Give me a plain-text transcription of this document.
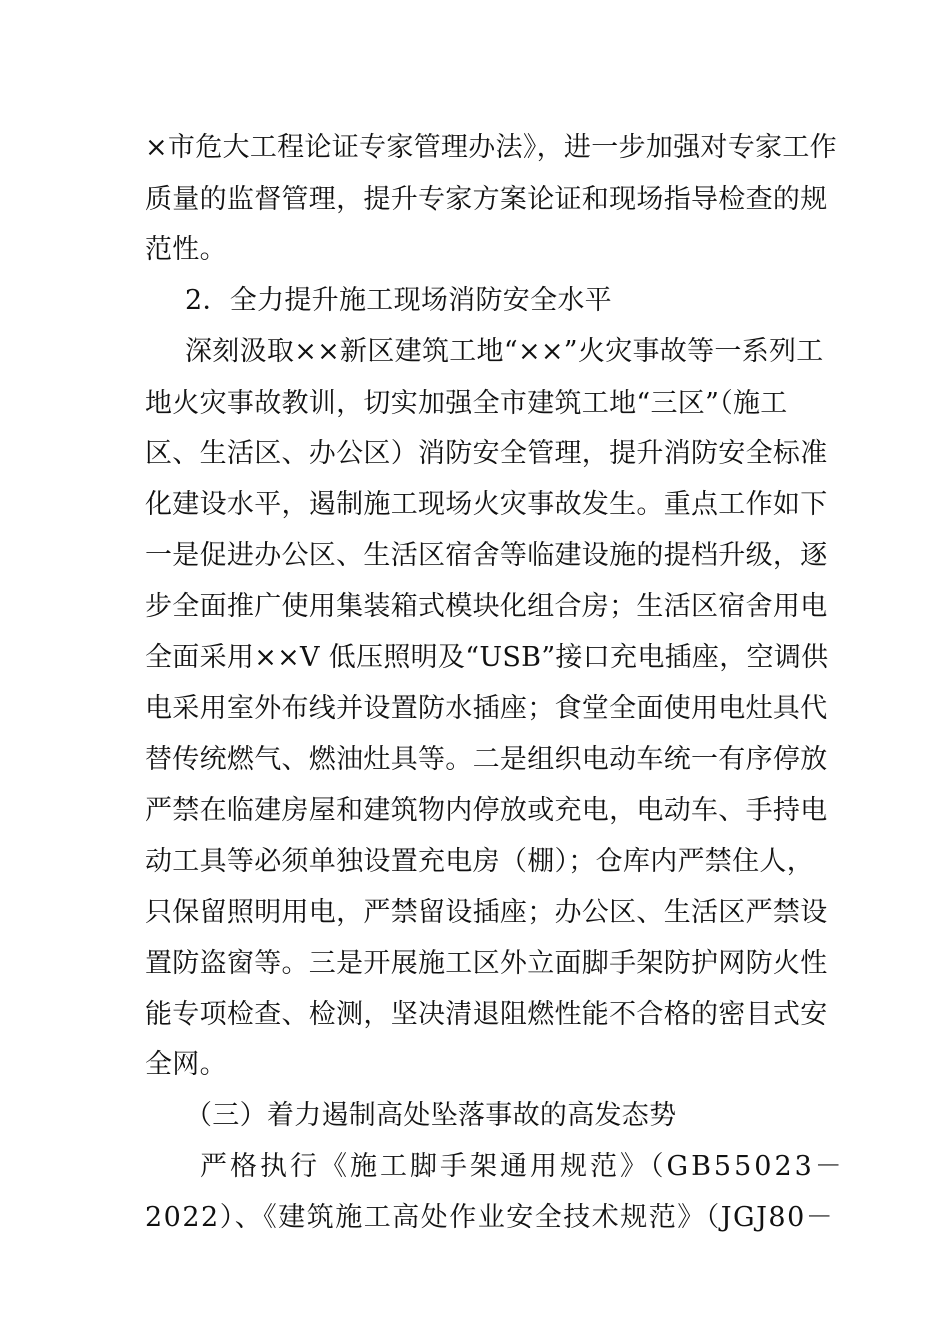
×市危大工程论证专家管理办法》，进一步加强对专家工作
质量的监督管理，提升专家方案论证和现场指导检查的规
范性。
2．全力提升施工现场消防安全水平
深刻汲取××新区建筑工地“××”火灾事故等一系列工
地火灾事故教训，切实加强全市建筑工地“三区”（施工
区、生活区、办公区）消防安全管理，提升消防安全标准
化建设水平，遏制施工现场火灾事故发生。重点工作如下
一是促进办公区、生活区宿舍等临建设施的提档升级，逐
步全面推广使用集装箱式模块化组合房；生活区宿舍用电
全面采用××V 低压照明及“USB”接口充电插座，空调供
电采用室外布线并设置防水插座；食堂全面使用电灶具代
替传统燃气、燃油灶具等。二是组织电动车统一有序停放
严禁在临建房屋和建筑物内停放或充电，电动车、手持电
动工具等必须单独设置充电房（棚）；仓库内严禁住人，
只保留照明用电，严禁留设插座；办公区、生活区严禁设
置防盗窗等。三是开展施工区外立面脚手架防护网防火性
能专项检查、检测，坚决清退阻燃性能不合格的密目式安
全网。
（三）着力遏制高处坠落事故的高发态势
严格执行《施工脚手架通用规范》（GB55023－
2022）、《建筑施工高处作业安全技术规范》（JGJ80－
